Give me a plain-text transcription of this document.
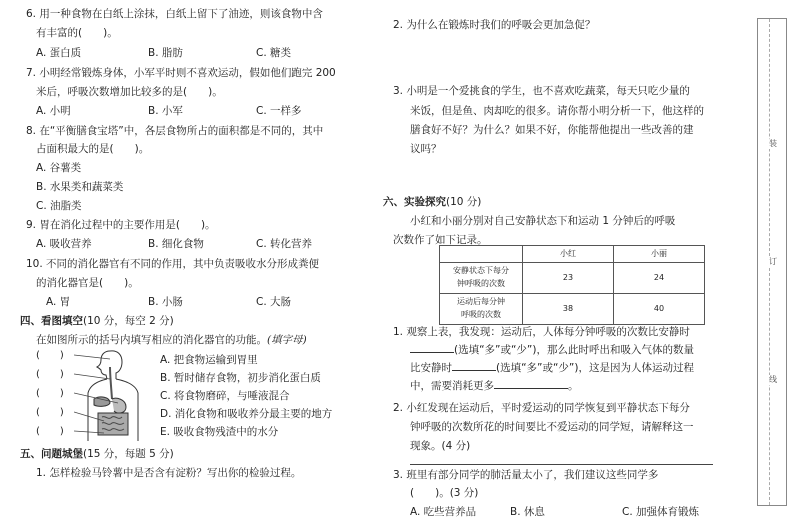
6. 用一种食物在白纸上涂抹，白纸上留下了油迹，则该食物中含
有丰富的(　　)。
A. 蛋白质	B. 脂肪	C. 糖类
7. 小明经常锻炼身体，小军平时则不喜欢运动，假如他们跑完 200
米后，呼吸次数增加比较多的是(　　)。
A. 小明	B. 小军	C. 一样多
8. 在“平衡膳食宝塔”中，各层食物所占的面积都是不同的，其中
占面积最大的是(　　)。
A. 谷薯类
B. 水果类和蔬菜类
C. 油脂类
9. 胃在消化过程中的主要作用是(　　)。
A. 吸收营养	B. 细化食物	C. 转化营养
10. 不同的消化器官有不同的作用，其中负责吸收水分形成粪便
的消化器官是(　　)。
A. 胃	B. 小肠	C. 大肠
四、看图填空(10 分，每空 2 分)
在如图所示的括号内填写相应的消化器官的功能。(填字母)
(　　)
(　　)
(　　)
(　　)
(　　)
A. 把食物运输到胃里
B. 暂时储存食物，初步消化蛋白质
C. 将食物磨碎，与唾液混合
D. 消化食物和吸收养分最主要的地方
E. 吸收食物残渣中的水分
五、问题城堡(15 分，每题 5 分)
1. 怎样检验马铃薯中是否含有淀粉？写出你的检验过程。
2. 为什么在锻炼时我们的呼吸会更加急促？
3. 小明是一个爱挑食的学生，也不喜欢吃蔬菜，每天只吃少量的
米饭，但是鱼、肉却吃的很多。请你帮小明分析一下，他这样的
膳食好不好？为什么？如果不好，你能帮他提出一些改善的建
议吗？
六、实验探究(10 分)
小红和小丽分别对自己安静状态下和运动 1 分钟后的呼吸
次数作了如下记录。
	小红	小丽

安静状态下每分
钟呼吸的次数	23	24

运动后每分钟
呼吸的次数	38	40
1. 观察上表，我发现：运动后，人体每分钟呼吸的次数比安静时
(选填“多”或“少”)，那么此时呼出和吸入气体的数量
比安静时	(选填“多”或“少”)，这是因为人体运动过程
中，需要消耗更多	。
2. 小红发现在运动后，平时爱运动的同学恢复到平静状态下每分
钟呼吸的次数所花的时间要比不爱运动的同学短，请解释这一
现象。(4 分)
3. 班里有部分同学的肺活量太小了，我们建议这些同学多
(　　)。(3 分)
A. 吃些营养品	B. 休息	C. 加强体育锻炼
装
订
线
